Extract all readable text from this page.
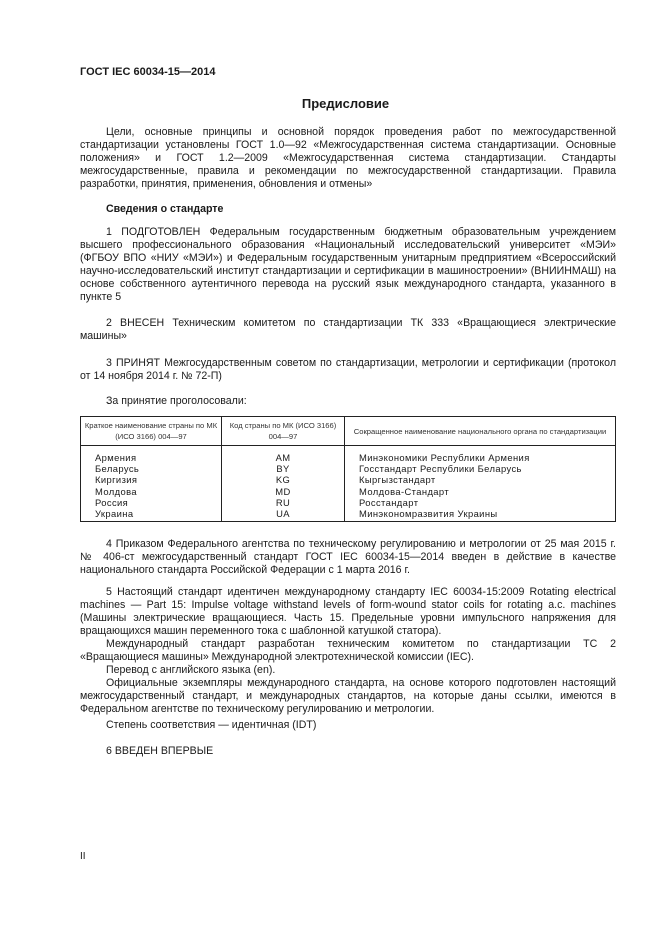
ГОСТ IEC 60034-15—2014
Предисловие
Цели, основные принципы и основной порядок проведения работ по межгосударственной стандартизации установлены ГОСТ 1.0—92 «Межгосударственная система стандартизации. Основные положения» и ГОСТ 1.2—2009 «Межгосударственная система стандартизации. Стандарты межгосударственные, правила и рекомендации по межгосударственной стандартизации. Правила разработки, принятия, применения, обновления и отмены»
Сведения о стандарте
1 ПОДГОТОВЛЕН Федеральным государственным бюджетным образовательным учреждением высшего профессионального образования «Национальный исследовательский университет «МЭИ» (ФГБОУ ВПО «НИУ «МЭИ») и Федеральным государственным унитарным предприятием «Всероссийский научно-исследовательский институт стандартизации и сертификации в машиностроении» (ВНИИНМАШ) на основе собственного аутентичного перевода на русский язык международного стандарта, указанного в пункте 5
2 ВНЕСЕН Техническим комитетом по стандартизации ТК 333 «Вращающиеся электрические машины»
3 ПРИНЯТ Межгосударственным советом по стандартизации, метрологии и сертификации (протокол от 14 ноября 2014 г. № 72-П)
За принятие проголосовали:
Краткое наименование страны по МК (ИСО 3166) 004—97	Код страны по МК (ИСО 3166) 004—97	Сокращенное наименование национального органа по стандартизации
Армения	AM	Минэкономики Республики Армения
Беларусь	BY	Госстандарт Республики Беларусь
Киргизия	KG	Кыргызстандарт
Молдова	MD	Молдова-Стандарт
Россия	RU	Росстандарт
Украина	UA	Минэкономразвития Украины
4 Приказом Федерального агентства по техническому регулированию и метрологии от 25 мая 2015 г. № 406-ст межгосударственный стандарт ГОСТ IEC 60034-15—2014 введен в действие в качестве национального стандарта Российской Федерации с 1 марта 2016 г.
5 Настоящий стандарт идентичен международному стандарту IEC 60034-15:2009 Rotating electrical machines — Part 15: Impulse voltage withstand levels of form-wound stator coils for rotating a.c. machines (Машины электрические вращающиеся. Часть 15. Предельные уровни импульсного напряжения для вращающихся машин переменного тока с шаблонной катушкой статора).
Международный стандарт разработан техническим комитетом по стандартизации ТС 2 «Вращающиеся машины» Международной электротехнической комиссии (IEC).
Перевод с английского языка (en).
Официальные экземпляры международного стандарта, на основе которого подготовлен настоящий межгосударственный стандарт, и международных стандартов, на которые даны ссылки, имеются в Федеральном агентстве по техническому регулированию и метрологии.
Степень соответствия — идентичная (IDT)
6 ВВЕДЕН ВПЕРВЫЕ
II
